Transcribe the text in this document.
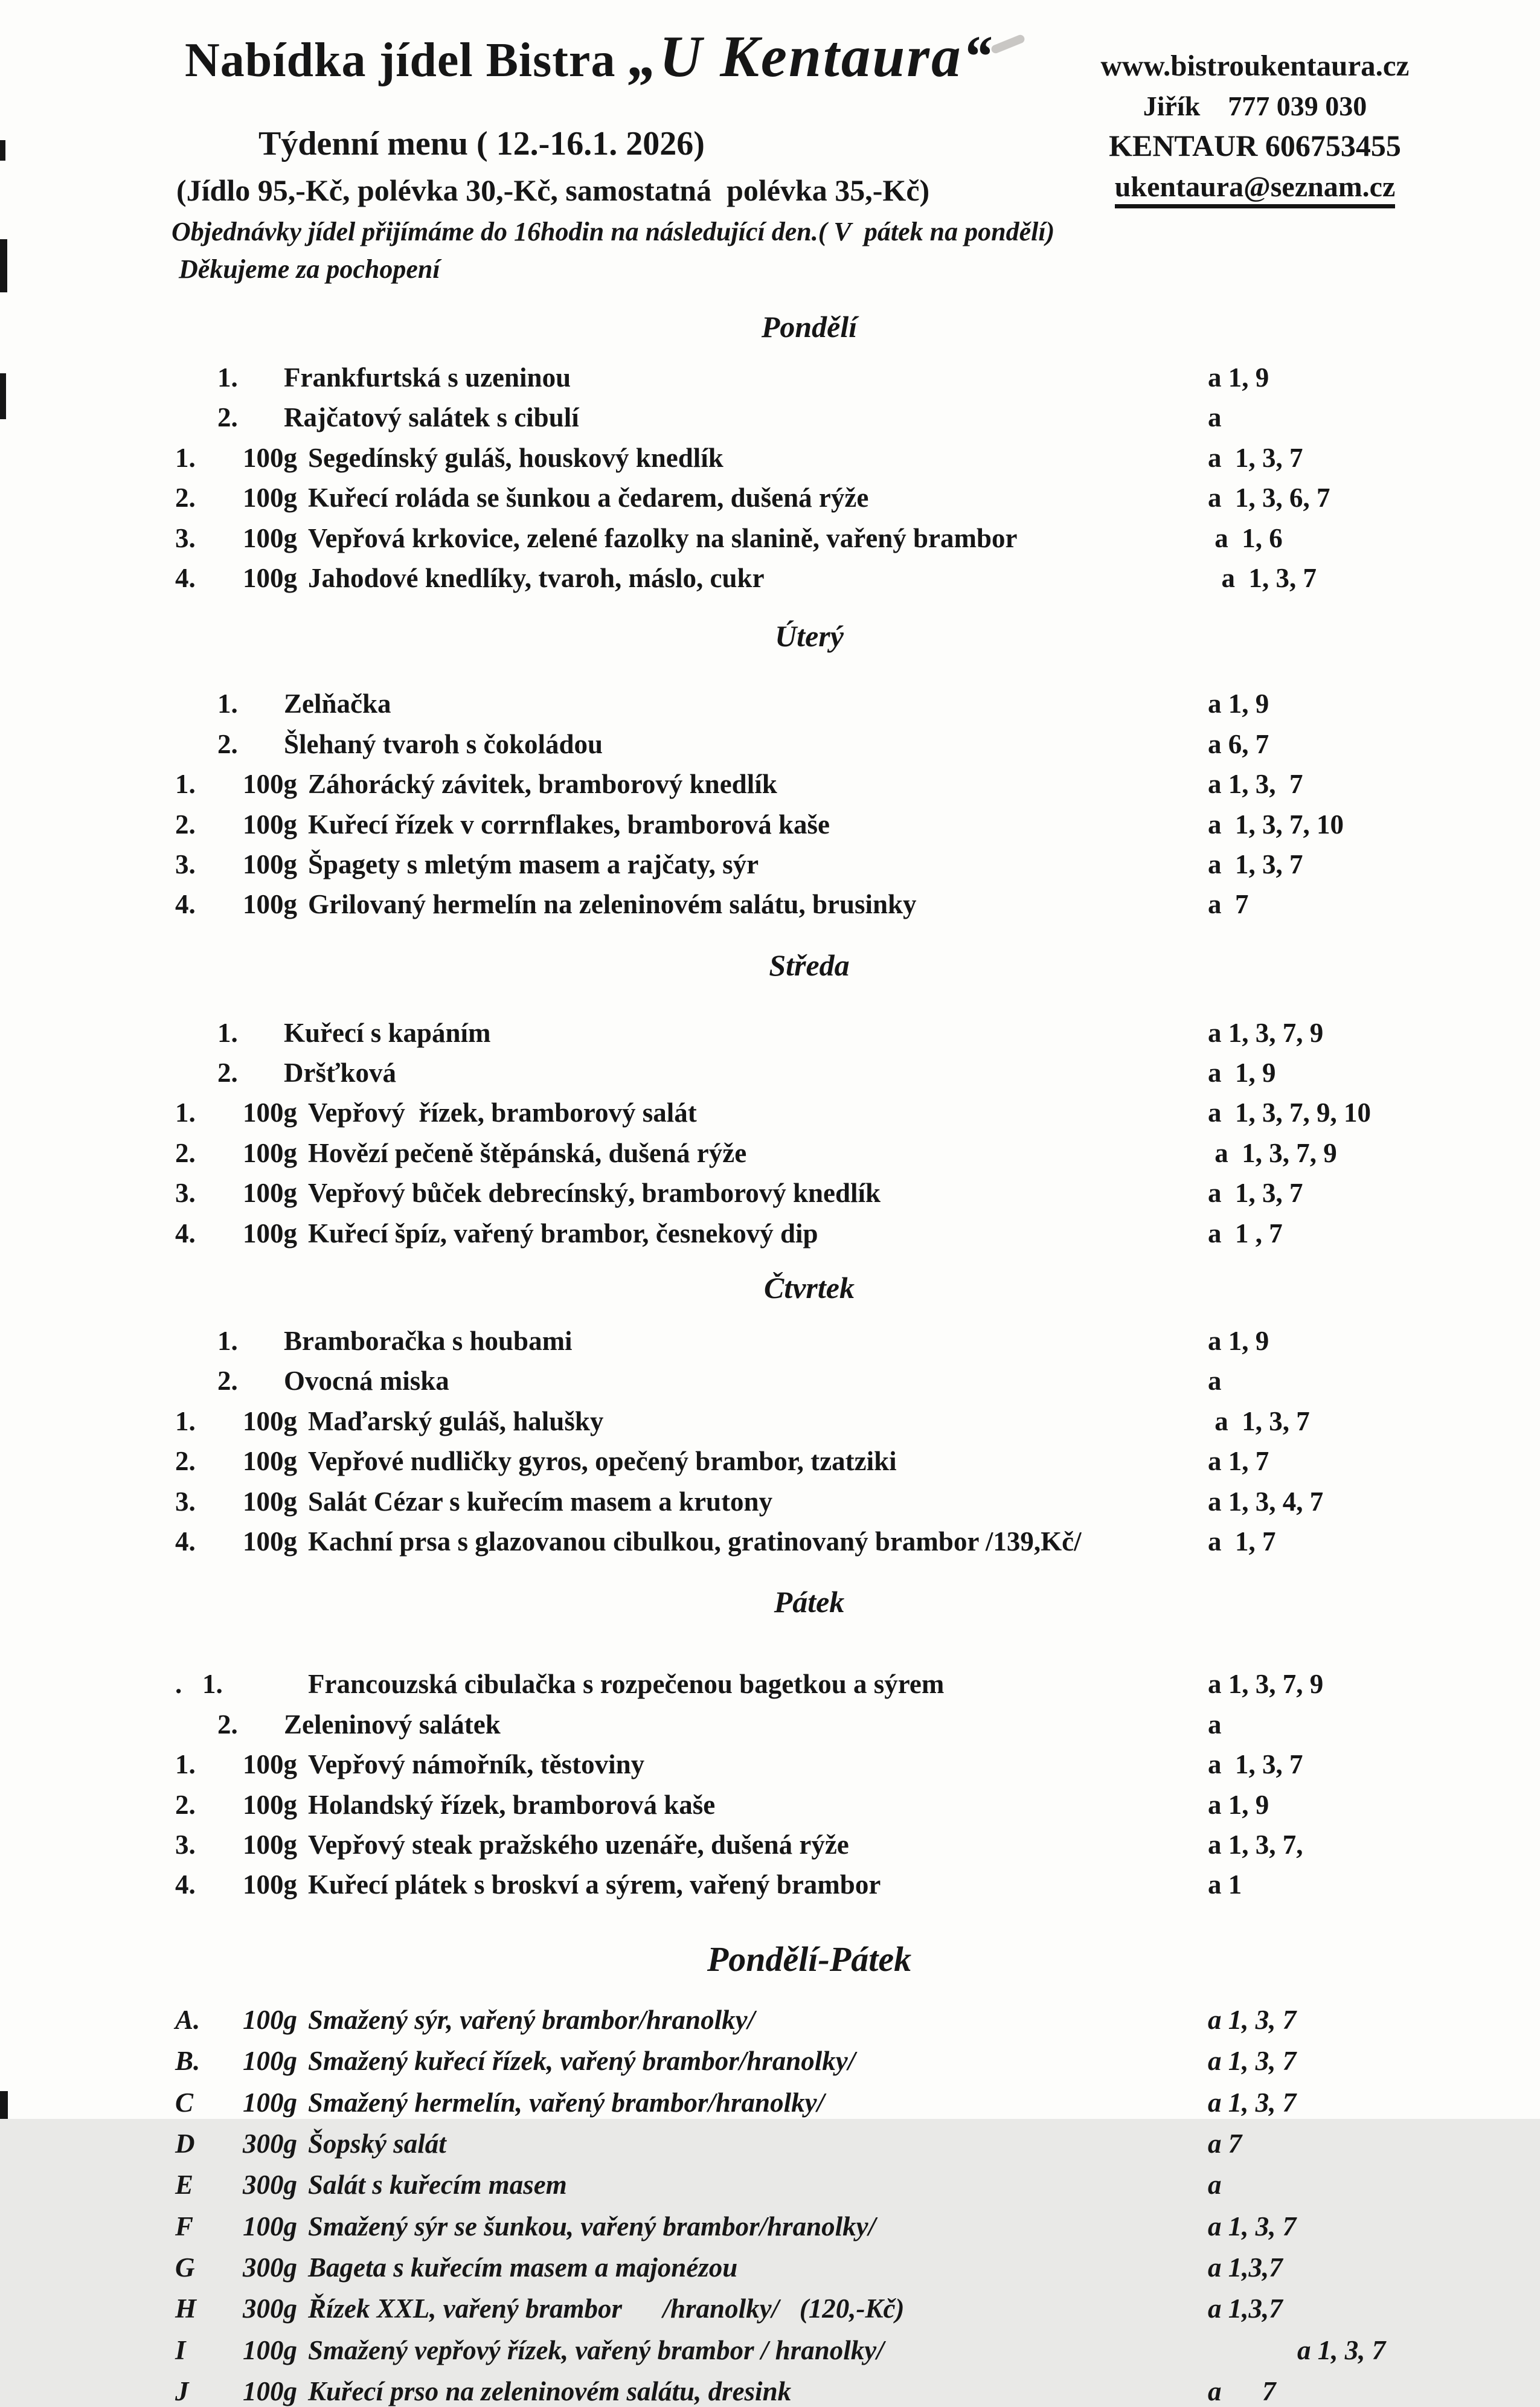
Nabídka jídel Bistra „U Kentaura“
Týdenní menu ( 12.-16.1. 2026)
(Jídlo 95,-Kč, polévka 30,-Kč, samostatná  polévka 35,-Kč)
Objednávky jídel přijímáme do 16hodin na následující den.( V  pátek na pondělí)
Děkujeme za pochopení
www.bistroukentaura.cz
Jiřík    777 039 030
KENTAUR 606753455
ukentaura@seznam.cz
Pondělí
1. Frankfurtská s uzeninou	a 1, 9
2. Rajčatový salátek s cibulí	a
1.	100g Segedínský guláš, houskový knedlík	a  1, 3, 7
2.	100g Kuřecí roláda se šunkou a čedarem, dušená rýže	a  1, 3, 6, 7
3.	100g Vepřová krkovice, zelené fazolky na slanině, vařený brambor	a  1, 6
4.	100g Jahodové knedlíky, tvaroh, máslo, cukr	a  1, 3, 7
Úterý
1. Zelňačka	a 1, 9
2. Šlehaný tvaroh s čokoládou	a 6, 7
1.	100g Záhorácký závitek, bramborový knedlík	a 1, 3,  7
2.	100g Kuřecí řízek v corrnflakes, bramborová kaše	a  1, 3, 7, 10
3.	100g Špagety s mletým masem a rajčaty, sýr	a  1, 3, 7
4.	100g Grilovaný hermelín na zeleninovém salátu, brusinky	a  7
Středa
1. Kuřecí s kapáním	a 1, 3, 7, 9
2. Dršťková	a  1, 9
1.	100g Vepřový  řízek, bramborový salát	a  1, 3, 7, 9, 10
2.	100g Hovězí pečeně štěpánská, dušená rýže	a  1, 3, 7, 9
3.	100g Vepřový bůček debrecínský, bramborový knedlík	a  1, 3, 7
4.	100g Kuřecí špíz, vařený brambor, česnekový dip	a  1 , 7
Čtvrtek
1. Bramboračka s houbami	a 1, 9
2. Ovocná miska	a
1.	100g Maďarský guláš, halušky	a  1, 3, 7
2.	100g Vepřové nudličky gyros, opečený brambor, tzatziki	a 1, 7
3.	100g Salát Cézar s kuřecím masem a krutony	a 1, 3, 4, 7
4.	100g Kachní prsa s glazovanou cibulkou, gratinovaný brambor /139,Kč/	a  1, 7
Pátek
.   1.	Francouzská cibulačka s rozpečenou bagetkou a sýrem	a 1, 3, 7, 9
2. Zeleninový salátek	a
1.	100g Vepřový námořník, těstoviny	a  1, 3, 7
2.	100g Holandský řízek, bramborová kaše	a 1, 9
3.	100g Vepřový steak pražského uzenáře, dušená rýže	a 1, 3, 7,
4.	100g Kuřecí plátek s broskví a sýrem, vařený brambor	a 1
Pondělí-Pátek
A.	100g Smažený sýr, vařený brambor/hranolky/	a 1, 3, 7
B.	100g Smažený kuřecí řízek, vařený brambor/hranolky/	a 1, 3, 7
C	100g Smažený hermelín, vařený brambor/hranolky/	a 1, 3, 7
D	300g Šopský salát	a 7
E	300g Salát s kuřecím masem	a
F	100g Smažený sýr se šunkou, vařený brambor/hranolky/	a 1, 3, 7
G	300g Bageta s kuřecím masem a majonézou	a 1,3,7
H	300g Řízek XXL, vařený brambor      /hranolky/   (120,-Kč)	a 1,3,7
I	100g Smažený vepřový řízek, vařený brambor / hranolky/	a 1, 3, 7
J	100g Kuřecí prso na zeleninovém salátu, dresink	a      7
